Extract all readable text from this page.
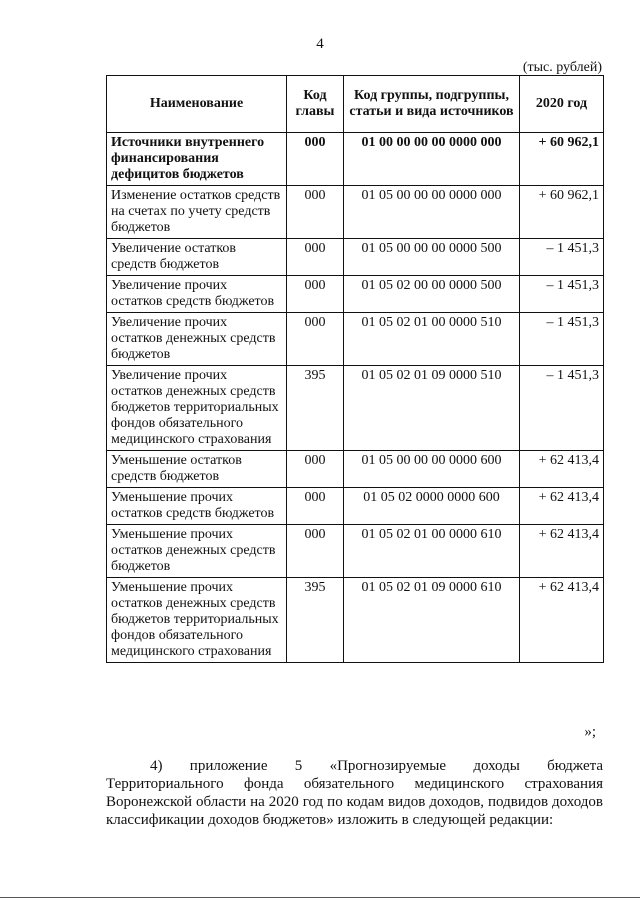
4
(тыс. рублей)
Наименование	Код главы	Код группы, подгруппы, статьи и вида источников	2020 год
Источники внутреннего финансирования дефицитов бюджетов	000	01 00 00 00 00 0000 000	+ 60 962,1
Изменение остатков средств на счетах по учету средств бюджетов	000	01 05 00 00 00 0000 000	+ 60 962,1
Увеличение остатков средств бюджетов	000	01 05 00 00 00 0000 500	– 1 451,3
Увеличение прочих остатков средств бюджетов	000	01 05 02 00 00 0000 500	– 1 451,3
Увеличение прочих остатков денежных средств бюджетов	000	01 05 02 01 00 0000 510	– 1 451,3
Увеличение прочих остатков денежных средств бюджетов территориальных фондов обязательного медицинского страхования	395	01 05 02 01 09 0000 510	– 1 451,3
Уменьшение остатков средств бюджетов	000	01 05 00 00 00 0000 600	+ 62 413,4
Уменьшение прочих остатков средств бюджетов	000	01 05 02 0000 0000 600	+ 62 413,4
Уменьшение прочих остатков денежных средств бюджетов	000	01 05 02 01 00 0000 610	+ 62 413,4
Уменьшение прочих остатков денежных средств бюджетов территориальных фондов обязательного медицинского страхования	395	01 05 02 01 09 0000 610	+ 62 413,4
»;
4) приложение 5 «Прогнозируемые доходы бюджета Территориального фонда обязательного медицинского страхования Воронежской области на 2020 год по кодам видов доходов, подвидов доходов классификации доходов бюджетов» изложить в следующей редакции:
